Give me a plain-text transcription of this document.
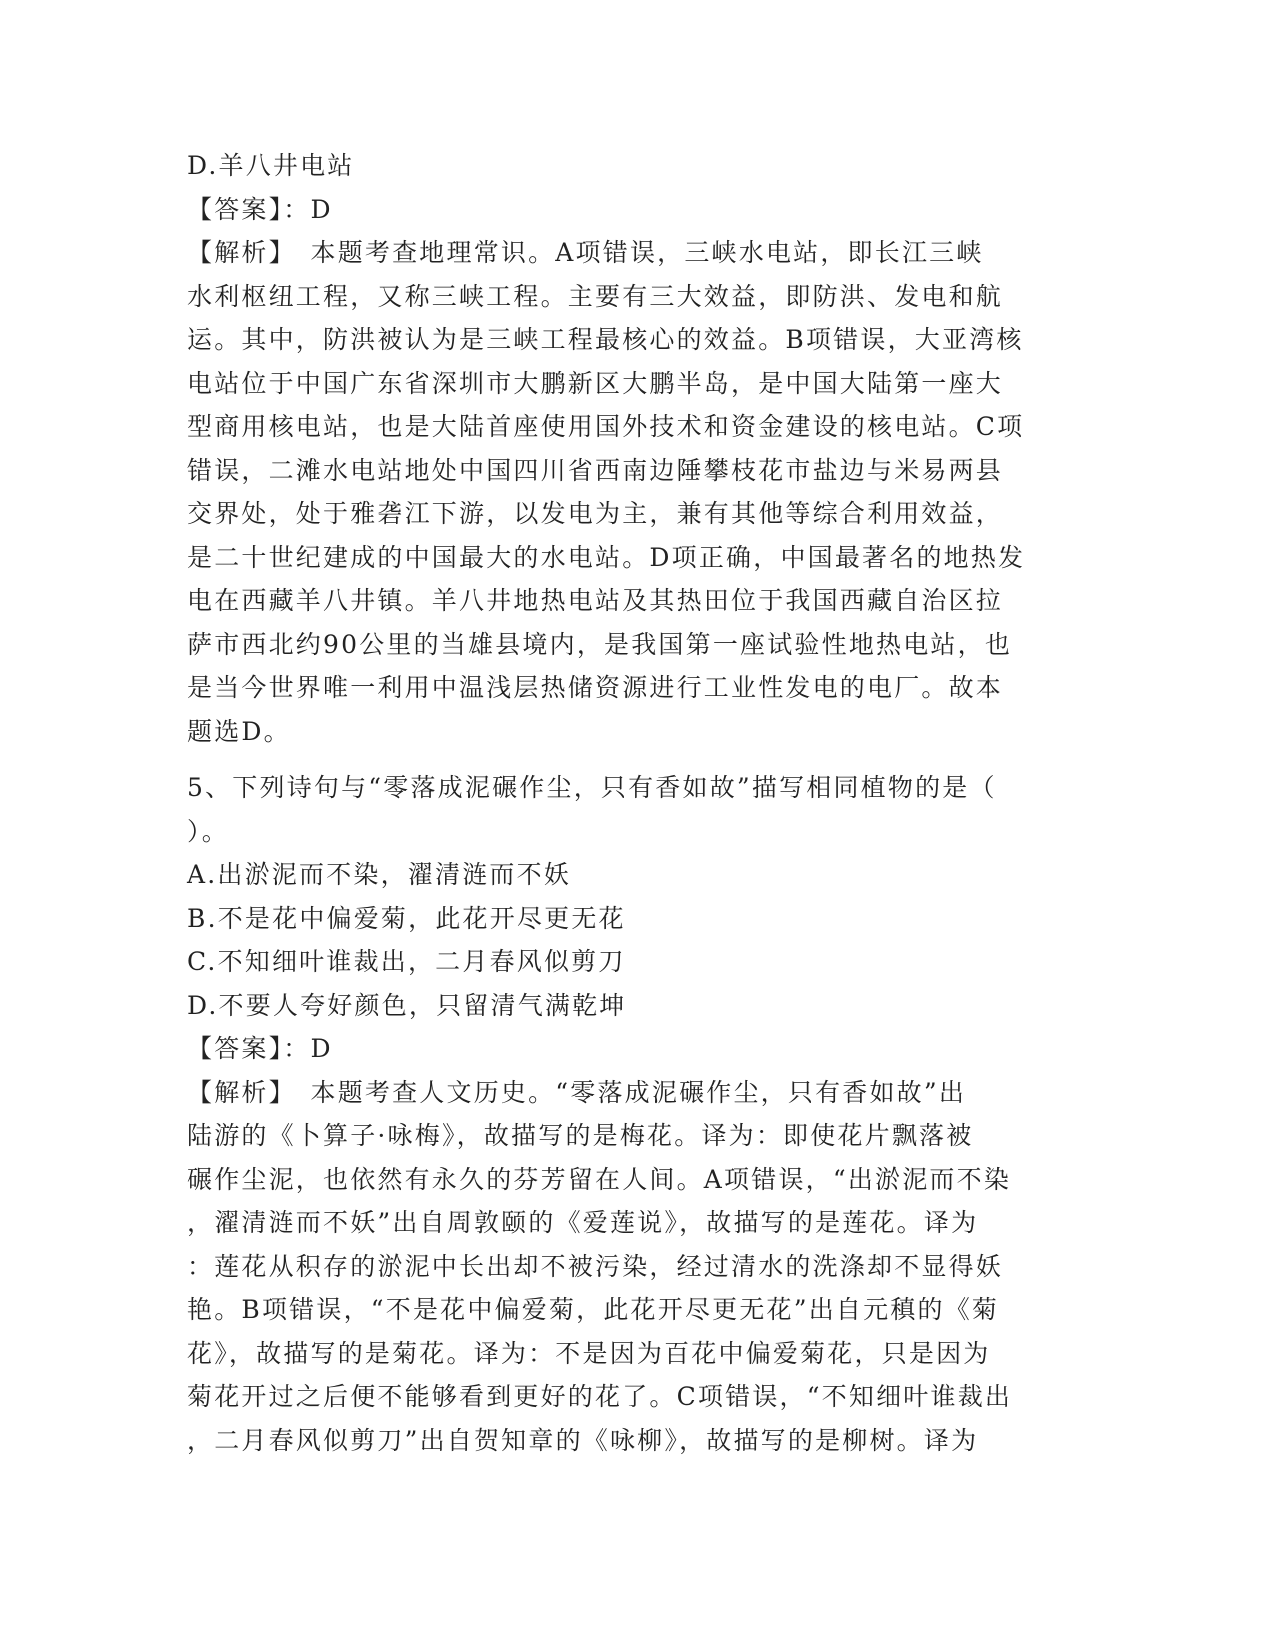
D.羊八井电站
【答案】：D
【解析】　本题考查地理常识。A项错误，三峡水电站，即长江三峡
水利枢纽工程，又称三峡工程。主要有三大效益，即防洪、发电和航
运。其中，防洪被认为是三峡工程最核心的效益。B项错误，大亚湾核
电站位于中国广东省深圳市大鹏新区大鹏半岛，是中国大陆第一座大
型商用核电站，也是大陆首座使用国外技术和资金建设的核电站。C项
错误，二滩水电站地处中国四川省西南边陲攀枝花市盐边与米易两县
交界处，处于雅砻江下游，以发电为主，兼有其他等综合利用效益，
是二十世纪建成的中国最大的水电站。D项正确，中国最著名的地热发
电在西藏羊八井镇。羊八井地热电站及其热田位于我国西藏自治区拉
萨市西北约90公里的当雄县境内，是我国第一座试验性地热电站，也
是当今世界唯一利用中温浅层热储资源进行工业性发电的电厂。故本
题选D。
5、下列诗句与“零落成泥碾作尘，只有香如故”描写相同植物的是（
）。
A.出淤泥而不染，濯清涟而不妖
B.不是花中偏爱菊，此花开尽更无花
C.不知细叶谁裁出，二月春风似剪刀
D.不要人夸好颜色，只留清气满乾坤
【答案】：D
【解析】　本题考查人文历史。“零落成泥碾作尘，只有香如故”出
陆游的《卜算子·咏梅》，故描写的是梅花。译为：即使花片飘落被
碾作尘泥，也依然有永久的芬芳留在人间。A项错误，“出淤泥而不染
，濯清涟而不妖”出自周敦颐的《爱莲说》，故描写的是莲花。译为
：莲花从积存的淤泥中长出却不被污染，经过清水的洗涤却不显得妖
艳。B项错误，“不是花中偏爱菊，此花开尽更无花”出自元稹的《菊
花》，故描写的是菊花。译为：不是因为百花中偏爱菊花，只是因为
菊花开过之后便不能够看到更好的花了。C项错误，“不知细叶谁裁出
，二月春风似剪刀”出自贺知章的《咏柳》，故描写的是柳树。译为
